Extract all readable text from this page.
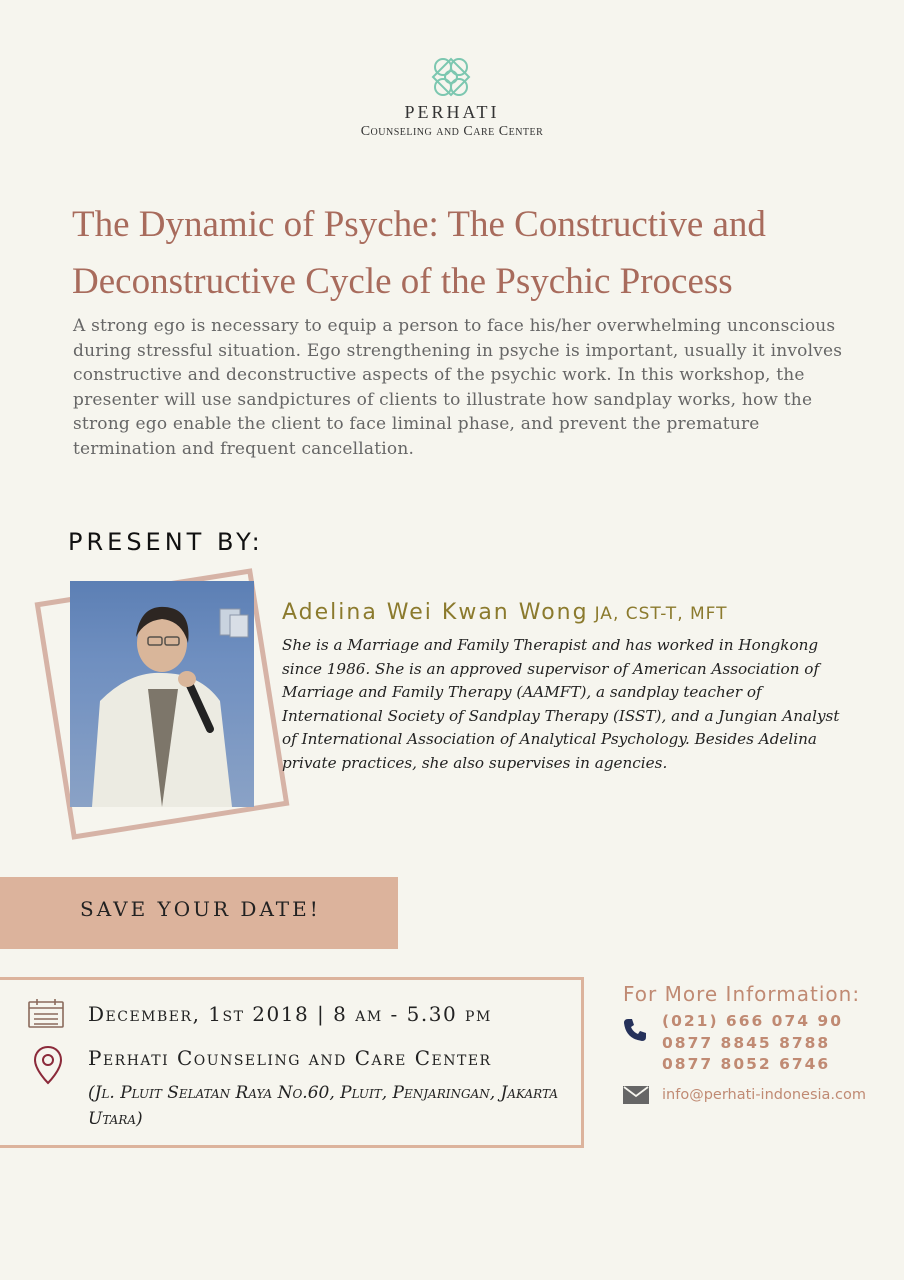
PERHATI
Counseling and Care Center
The Dynamic of Psyche: The Constructive and Deconstructive Cycle of the Psychic Process

A strong ego is necessary to equip a person to face his/her overwhelming unconscious during stressful situation. Ego strengthening in psyche is important, usually it involves constructive and deconstructive aspects of the psychic work. In this workshop, the presenter will use sandpictures of clients to illustrate how sandplay works, how the strong ego enable the client to face liminal phase, and prevent the premature termination and frequent cancellation.

PRESENT BY:
Adelina Wei Kwan Wong JA, CST-T, MFT

She is a Marriage and Family Therapist and has worked in Hongkong since 1986. She is an approved supervisor of American Association of Marriage and Family Therapy (AAMFT), a sandplay teacher of International Society of Sandplay Therapy (ISST), and a Jungian Analyst of International Association of Analytical Psychology. Besides Adelina private practices, she also supervises in agencies.

SAVE YOUR DATE!
December, 1st 2018 | 8 am - 5.30 pm
Perhati Counseling and Care Center

(Jl. Pluit Selatan Raya No.60, Pluit, Penjaringan, Jakarta Utara)

For More Information:
(021) 666 074 90
0877 8845 8788
0877 8052 6746
info@perhati-indonesia.com
